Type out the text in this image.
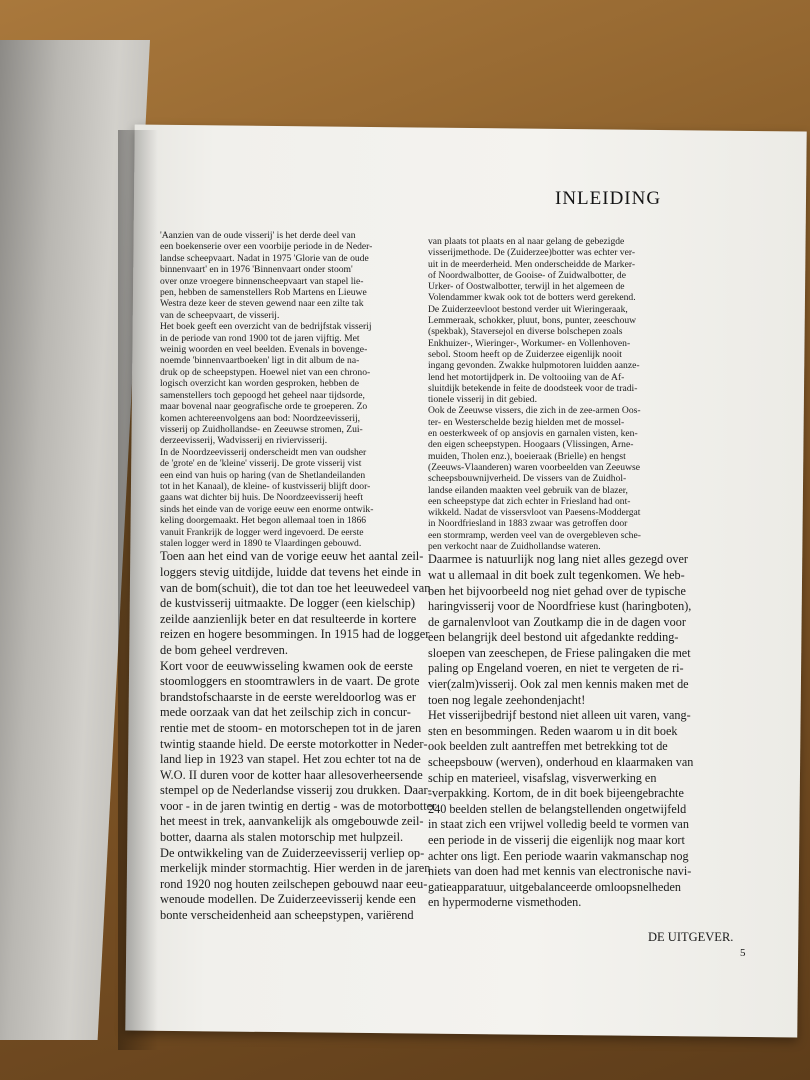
INLEIDING
'Aanzien van de oude visserij' is het derde deel van
een boekenserie over een voorbije periode in de Neder-
landse scheepvaart. Nadat in 1975 'Glorie van de oude
binnenvaart' en in 1976 'Binnenvaart onder stoom'
over onze vroegere binnenscheepvaart van stapel lie-
pen, hebben de samenstellers Rob Martens en Lieuwe
Westra deze keer de steven gewend naar een zilte tak
van de scheepvaart, de visserij.
Het boek geeft een overzicht van de bedrijfstak visserij
in de periode van rond 1900 tot de jaren vijftig. Met
weinig woorden en veel beelden. Evenals in bovenge-
noemde 'binnenvaartboeken' ligt in dit album de na-
druk op de scheepstypen. Hoewel niet van een chrono-
logisch overzicht kan worden gesproken, hebben de
samenstellers toch gepoogd het geheel naar tijdsorde,
maar bovenal naar geografische orde te groeperen. Zo
komen achtereenvolgens aan bod: Noordzeevisserij,
visserij op Zuidhollandse- en Zeeuwse stromen, Zui-
derzeevisserij, Wadvisserij en riviervisserij.
In de Noordzeevisserij onderscheidt men van oudsher
de 'grote' en de 'kleine' visserij. De grote visserij vist
een eind van huis op haring (van de Shetlandeilanden
tot in het Kanaal), de kleine- of kustvisserij blijft door-
gaans wat dichter bij huis. De Noordzeevisserij heeft
sinds het einde van de vorige eeuw een enorme ontwik-
keling doorgemaakt. Het begon allemaal toen in 1866
vanuit Frankrijk de logger werd ingevoerd. De eerste
stalen logger werd in 1890 te Vlaardingen gebouwd.
Toen aan het eind van de vorige eeuw het aantal zeil-
loggers stevig uitdijde, luidde dat tevens het einde in
van de bom(schuit), die tot dan toe het leeuwedeel van
de kustvisserij uitmaakte. De logger (een kielschip)
zeilde aanzienlijk beter en dat resulteerde in kortere
reizen en hogere besommingen. In 1915 had de logger
de bom geheel verdreven.
Kort voor de eeuwwisseling kwamen ook de eerste
stoomloggers en stoomtrawlers in de vaart. De grote
brandstofschaarste in de eerste wereldoorlog was er
mede oorzaak van dat het zeilschip zich in concur-
rentie met de stoom- en motorschepen tot in de jaren
twintig staande hield. De eerste motorkotter in Neder-
land liep in 1923 van stapel. Het zou echter tot na de
W.O. II duren voor de kotter haar allesoverheersende
stempel op de Nederlandse visserij zou drukken. Daar-
voor - in de jaren twintig en dertig - was de motorbotter
het meest in trek, aanvankelijk als omgebouwde zeil-
botter, daarna als stalen motorschip met hulpzeil.
De ontwikkeling van de Zuiderzeevisserij verliep op-
merkelijk minder stormachtig. Hier werden in de jaren
rond 1920 nog houten zeilschepen gebouwd naar eeu-
wenoude modellen. De Zuiderzeevisserij kende een
bonte verscheidenheid aan scheepstypen, variërend
van plaats tot plaats en al naar gelang de gebezigde
visserijmethode. De (Zuiderzee)botter was echter ver-
uit in de meerderheid. Men onderscheidde de Marker-
of Noordwalbotter, de Gooise- of Zuidwalbotter, de
Urker- of Oostwalbotter, terwijl in het algemeen de
Volendammer kwak ook tot de botters werd gerekend.
De Zuiderzeevloot bestond verder uit Wieringeraak,
Lemmeraak, schokker, pluut, bons, punter, zeeschouw
(spekbak), Staversejol en diverse bolschepen zoals
Enkhuizer-, Wieringer-, Workumer- en Vollenhoven-
sebol. Stoom heeft op de Zuiderzee eigenlijk nooit
ingang gevonden. Zwakke hulpmotoren luidden aanze-
lend het motortijdperk in. De voltooiing van de Af-
sluitdijk betekende in feite de doodsteek voor de tradi-
tionele visserij in dit gebied.
Ook de Zeeuwse vissers, die zich in de zee-armen Oos-
ter- en Westerschelde bezig hielden met de mossel-
en oesterkweek of op ansjovis en garnalen visten, ken-
den eigen scheepstypen. Hoogaars (Vlissingen, Arne-
muiden, Tholen enz.), boeieraak (Brielle) en hengst
(Zeeuws-Vlaanderen) waren voorbeelden van Zeeuwse
scheepsbouwnijverheid. De vissers van de Zuidhol-
landse eilanden maakten veel gebruik van de blazer,
een scheepstype dat zich echter in Friesland had ont-
wikkeld. Nadat de vissersvloot van Paesens-Moddergat
in Noordfriesland in 1883 zwaar was getroffen door
een stormramp, werden veel van de overgebleven sche-
pen verkocht naar de Zuidhollandse wateren.
Daarmee is natuurlijk nog lang niet alles gezegd over
wat u allemaal in dit boek zult tegenkomen. We heb-
ben het bijvoorbeeld nog niet gehad over de typische
haringvisserij voor de Noordfriese kust (haringboten),
de garnalenvloot van Zoutkamp die in de dagen voor
een belangrijk deel bestond uit afgedankte redding-
sloepen van zeeschepen, de Friese palingaken die met
paling op Engeland voeren, en niet te vergeten de ri-
vier(zalm)visserij. Ook zal men kennis maken met de
toen nog legale zeehondenjacht!
Het visserijbedrijf bestond niet alleen uit varen, vang-
sten en besommingen. Reden waarom u in dit boek
ook beelden zult aantreffen met betrekking tot de
scheepsbouw (werven), onderhoud en klaarmaken van
schip en materieel, visafslag, visverwerking en
-verpakking. Kortom, de in dit boek bijeengebrachte
240 beelden stellen de belangstellenden ongetwijfeld
in staat zich een vrijwel volledig beeld te vormen van
een periode in de visserij die eigenlijk nog maar kort
achter ons ligt. Een periode waarin vakmanschap nog
niets van doen had met kennis van electronische navi-
gatieapparatuur, uitgebalanceerde omloopsnelheden
en hypermoderne vismethoden.
DE UITGEVER.
5
